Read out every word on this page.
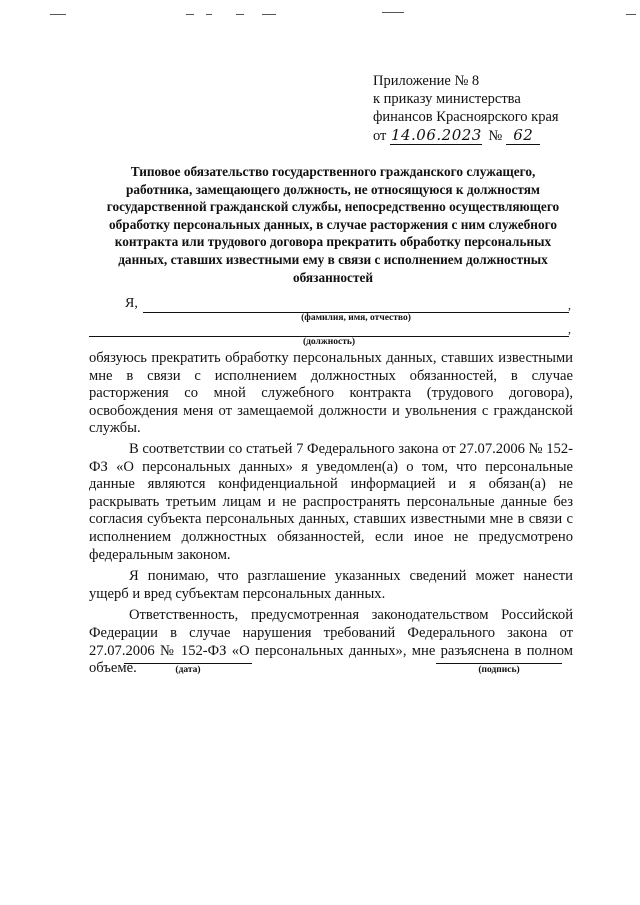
Приложение № 8
к приказу министерства
финансов Красноярского края
от 14.06.2023 № 62
Типовое обязательство государственного гражданского служащего, работника, замещающего должность, не относящуюся к должностям государственной гражданской службы, непосредственно осуществляющего обработку персональных данных, в случае расторжения с ним служебного контракта или трудового договора прекратить обработку персональных данных, ставших известными ему в связи с исполнением должностных обязанностей
Я,	,
(фамилия, имя, отчество)
,
(должность)

обязуюсь прекратить обработку персональных данных, ставших известными мне в связи с исполнением должностных обязанностей, в случае расторжения со мной служебного контракта (трудового договора), освобождения меня от замещаемой должности и увольнения с гражданской службы.

В соответствии со статьей 7 Федерального закона от 27.07.2006 № 152-ФЗ «О персональных данных» я уведомлен(а) о том, что персональные данные являются конфиденциальной информацией и я обязан(а) не раскрывать третьим лицам и не распространять персональные данные без согласия субъекта персональных данных, ставших известными мне в связи с исполнением должностных обязанностей, если иное не предусмотрено федеральным законом.

Я понимаю, что разглашение указанных сведений может нанести ущерб и вред субъектам персональных данных.

Ответственность, предусмотренная законодательством Российской Федерации в случае нарушения требований Федерального закона от 27.07.2006 № 152-ФЗ «О персональных данных», мне разъяснена в полном объеме.	(дата)	(подпись)
